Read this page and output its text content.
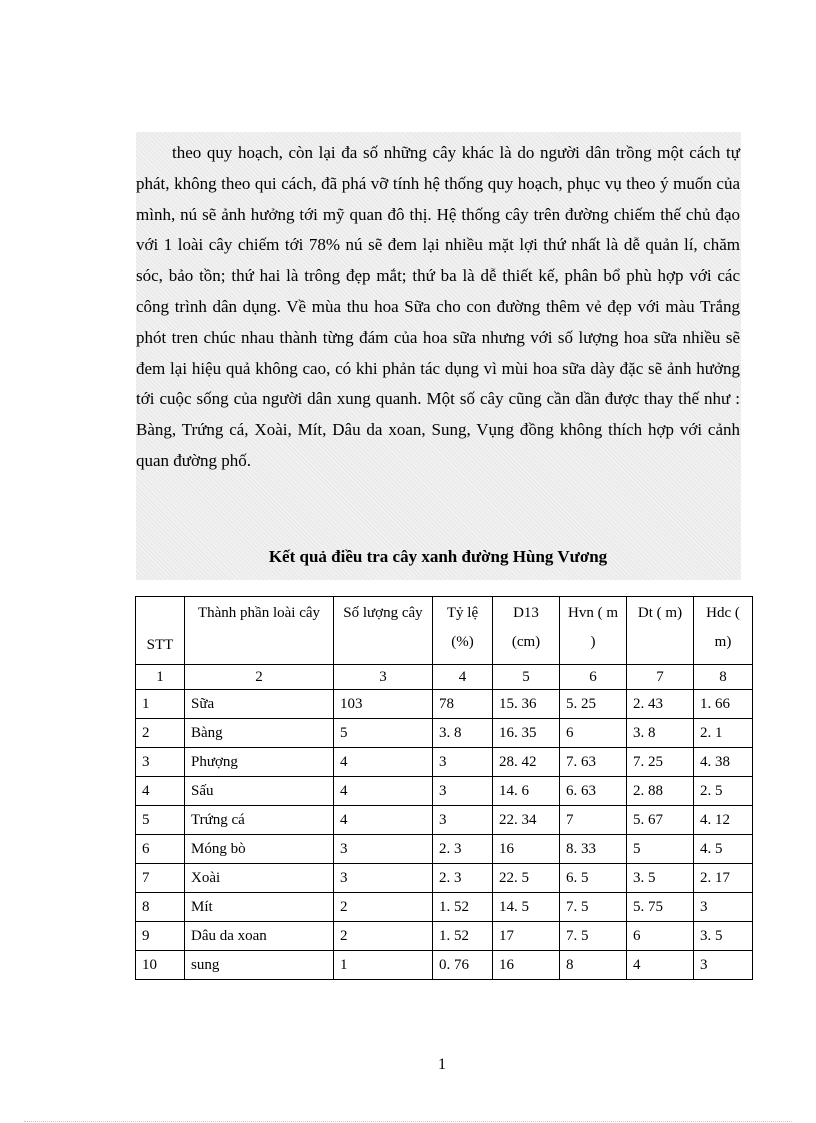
theo quy hoạch, còn lại đa số những cây khác là do người dân trồng một cách tự phát, không theo qui cách, đã phá vỡ tính hệ thống quy hoạch, phục vụ theo ý muốn của mình, nú sẽ ảnh hưởng tới mỹ quan đô thị. Hệ thống cây trên đường chiếm thế chủ đạo với 1 loài cây chiếm tới 78% nú sẽ đem lại nhiều mặt lợi thứ nhất là dễ quản lí, chăm sóc, bảo tồn; thứ hai là trông đẹp mắt; thứ ba là dễ thiết kế, phân bổ phù hợp với các công trình dân dụng. Về mùa thu hoa Sữa cho con đường thêm vẻ đẹp với màu Trắng phót tren chúc nhau thành từng đám của hoa sữa nhưng với số lượng hoa sữa nhiều sẽ đem lại hiệu quả không cao, có khi phản tác dụng vì mùi hoa sữa dày đặc sẽ ảnh hưởng tới cuộc sống của người dân xung quanh. Một số cây cũng cần dần được thay thế như : Bàng, Trứng cá, Xoài, Mít, Dâu da xoan, Sung, Vụng đồng không thích hợp với cảnh quan đường phố.

Kết quả điều tra cây xanh đường Hùng Vương

STT	Thành phần loài cây	Số lượng cây	Tỷ lệ (%)	D13 (cm)	Hvn ( m )	Dt ( m)	Hdc ( m)
1	2	3	4	5	6	7	8
1	Sữa	103	78	15. 36	5. 25	2. 43	1. 66
2	Bàng	5	3. 8	16. 35	6	3. 8	2. 1
3	Phượng	4	3	28. 42	7. 63	7. 25	4. 38
4	Sấu	4	3	14. 6	6. 63	2. 88	2. 5
5	Trứng cá	4	3	22. 34	7	5. 67	4. 12
6	Móng bò	3	2. 3	16	8. 33	5	4. 5
7	Xoài	3	2. 3	22. 5	6. 5	3. 5	2. 17
8	Mít	2	1. 52	14. 5	7. 5	5. 75	3
9	Dâu da xoan	2	1. 52	17	7. 5	6	3. 5
10	sung	1	0. 76	16	8	4	3

1
